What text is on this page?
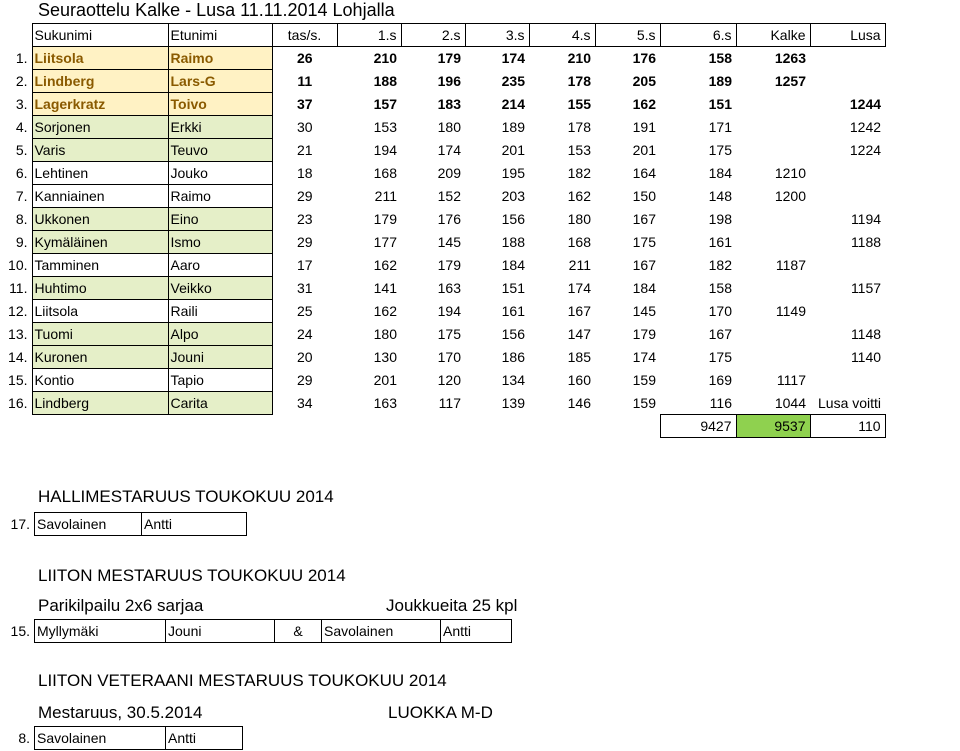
Seuraottelu Kalke - Lusa 11.11.2014 Lohjalla
	Sukunimi	Etunimi	tas/s.	1.s	2.s	3.s	4.s	5.s	6.s	Kalke	Lusa
1.	Liitsola	Raimo	26	210	179	174	210	176	158	1263	
2.	Lindberg	Lars-G	11	188	196	235	178	205	189	1257	
3.	Lagerkratz	Toivo	37	157	183	214	155	162	151		1244
4.	Sorjonen	Erkki	30	153	180	189	178	191	171		1242
5.	Varis	Teuvo	21	194	174	201	153	201	175		1224
6.	Lehtinen	Jouko	18	168	209	195	182	164	184	1210	
7.	Kanniainen	Raimo	29	211	152	203	162	150	148	1200	
8.	Ukkonen	Eino	23	179	176	156	180	167	198		1194
9.	Kymäläinen	Ismo	29	177	145	188	168	175	161		1188
10.	Tamminen	Aaro	17	162	179	184	211	167	182	1187	
11.	Huhtimo	Veikko	31	141	163	151	174	184	158		1157
12.	Liitsola	Raili	25	162	194	161	167	145	170	1149	
13.	Tuomi	Alpo	24	180	175	156	147	179	167		1148
14.	Kuronen	Jouni	20	130	170	186	185	174	175		1140
15.	Kontio	Tapio	29	201	120	134	160	159	169	1117	
16.	Lindberg	Carita	34	163	117	139	146	159	116	1044	Lusa voitti
									9427	9537	110
HALLIMESTARUUS TOUKOKUU 2014
17.	Savolainen	Antti
LIITON MESTARUUS TOUKOKUU 2014
Parikilpailu 2x6 sarjaa	Joukkueita 25 kpl
15.	Myllymäki	Jouni	&	Savolainen	Antti
LIITON VETERAANI MESTARUUS TOUKOKUU 2014
Mestaruus, 30.5.2014	LUOKKA M-D
8.	Savolainen	Antti
